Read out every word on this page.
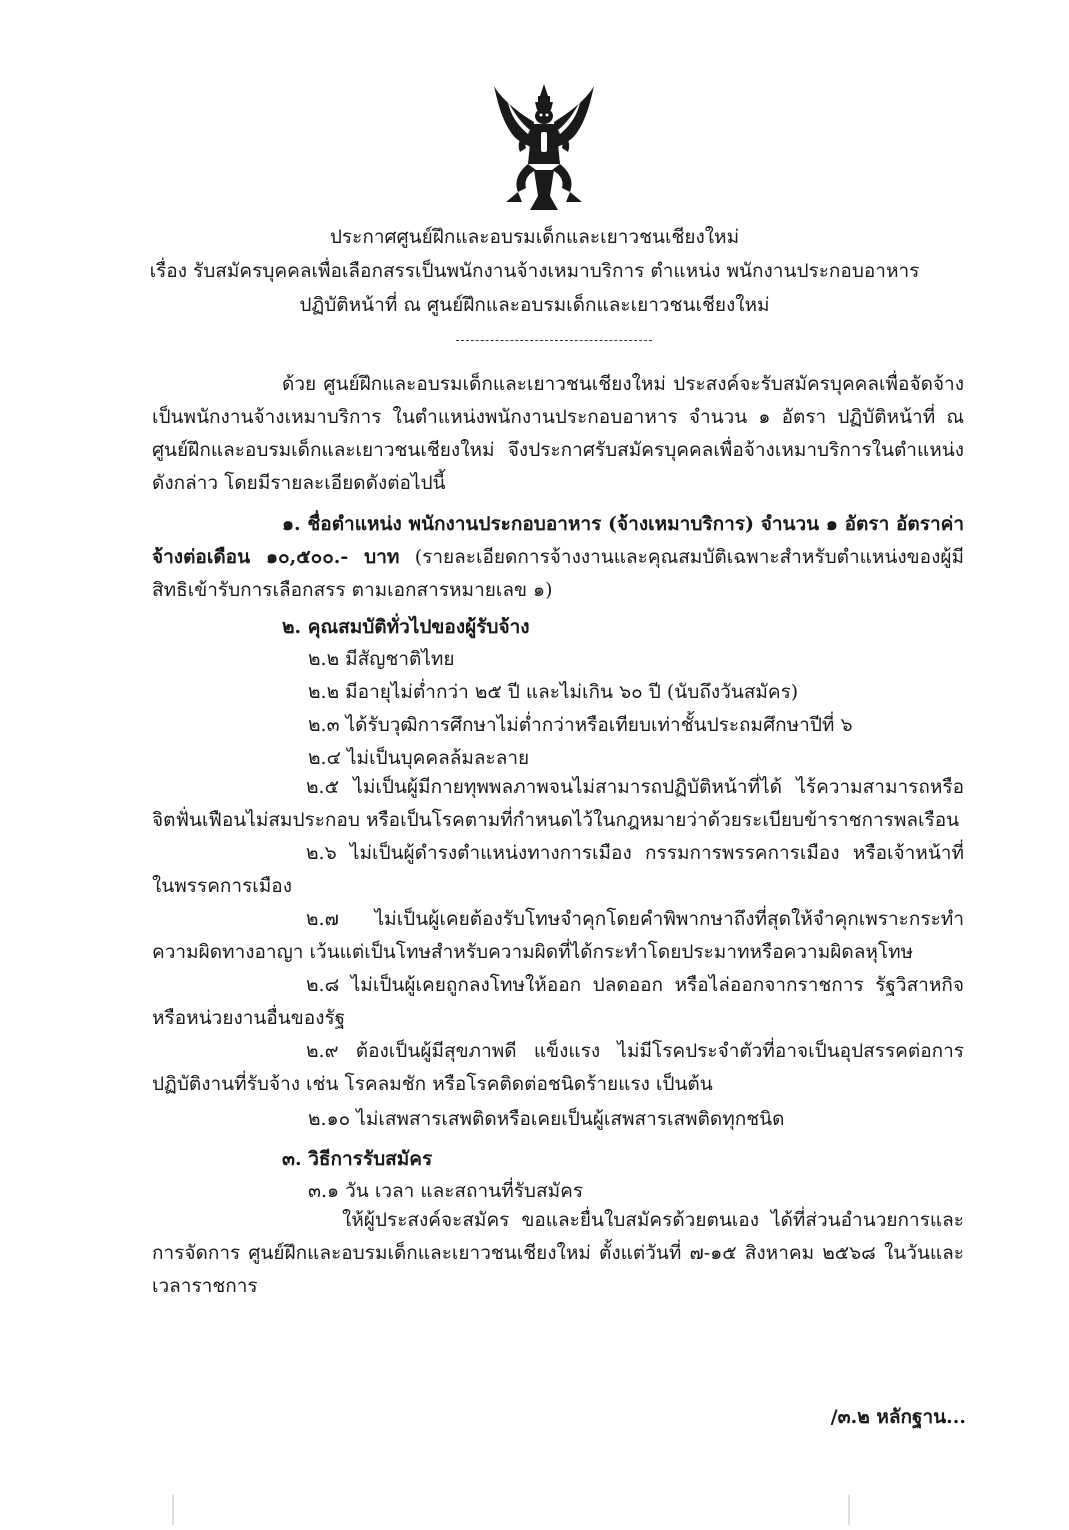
ประกาศศูนย์ฝึกและอบรมเด็กและเยาวชนเชียงใหม่
เรื่อง รับสมัครบุคคลเพื่อเลือกสรรเป็นพนักงานจ้างเหมาบริการ ตำแหน่ง พนักงานประกอบอาหาร
ปฏิบัติหน้าที่ ณ ศูนย์ฝึกและอบรมเด็กและเยาวชนเชียงใหม่
ด้วย ศูนย์ฝึกและอบรมเด็กและเยาวชนเชียงใหม่ ประสงค์จะรับสมัครบุคคลเพื่อจัดจ้างเป็นพนักงานจ้างเหมาบริการ ในตำแหน่งพนักงานประกอบอาหาร จำนวน ๑ อัตรา ปฏิบัติหน้าที่ ณ ศูนย์ฝึกและอบรมเด็กและเยาวชนเชียงใหม่ จึงประกาศรับสมัครบุคคลเพื่อจ้างเหมาบริการในตำแหน่งดังกล่าว โดยมีรายละเอียดดังต่อไปนี้
๑. ชื่อตำแหน่ง พนักงานประกอบอาหาร (จ้างเหมาบริการ) จำนวน ๑ อัตรา อัตราค่าจ้างต่อเดือน ๑๐,๕๐๐.- บาท (รายละเอียดการจ้างงานและคุณสมบัติเฉพาะสำหรับตำแหน่งของผู้มีสิทธิเข้ารับการเลือกสรร ตามเอกสารหมายเลข ๑)
๒. คุณสมบัติทั่วไปของผู้รับจ้าง
๒.๒ มีสัญชาติไทย
๒.๒ มีอายุไม่ต่ำกว่า ๒๕ ปี และไม่เกิน ๖๐ ปี (นับถึงวันสมัคร)
๒.๓ ได้รับวุฒิการศึกษาไม่ต่ำกว่าหรือเทียบเท่าชั้นประถมศึกษาปีที่ ๖
๒.๔ ไม่เป็นบุคคลล้มละลาย
๒.๕ ไม่เป็นผู้มีกายทุพพลภาพจนไม่สามารถปฏิบัติหน้าที่ได้ ไร้ความสามารถหรือจิตฟั่นเฟือนไม่สมประกอบ หรือเป็นโรคตามที่กำหนดไว้ในกฎหมายว่าด้วยระเบียบข้าราชการพลเรือน
๒.๖ ไม่เป็นผู้ดำรงตำแหน่งทางการเมือง กรรมการพรรคการเมือง หรือเจ้าหน้าที่ในพรรคการเมือง
๒.๗ ไม่เป็นผู้เคยต้องรับโทษจำคุกโดยคำพิพากษาถึงที่สุดให้จำคุกเพราะกระทำความผิดทางอาญา เว้นแต่เป็นโทษสำหรับความผิดที่ได้กระทำโดยประมาทหรือความผิดลหุโทษ
๒.๘ ไม่เป็นผู้เคยถูกลงโทษให้ออก ปลดออก หรือไล่ออกจากราชการ รัฐวิสาหกิจ หรือหน่วยงานอื่นของรัฐ
๒.๙ ต้องเป็นผู้มีสุขภาพดี แข็งแรง ไม่มีโรคประจำตัวที่อาจเป็นอุปสรรคต่อการปฏิบัติงานที่รับจ้าง เช่น โรคลมชัก หรือโรคติดต่อชนิดร้ายแรง เป็นต้น
๒.๑๐ ไม่เสพสารเสพติดหรือเคยเป็นผู้เสพสารเสพติดทุกชนิด
๓. วิธีการรับสมัคร
๓.๑ วัน เวลา และสถานที่รับสมัคร
ให้ผู้ประสงค์จะสมัคร ขอและยื่นใบสมัครด้วยตนเอง ได้ที่ส่วนอำนวยการและการจัดการ ศูนย์ฝึกและอบรมเด็กและเยาวชนเชียงใหม่ ตั้งแต่วันที่ ๗-๑๕ สิงหาคม ๒๕๖๘ ในวันและเวลาราชการ
/๓.๒ หลักฐาน...
